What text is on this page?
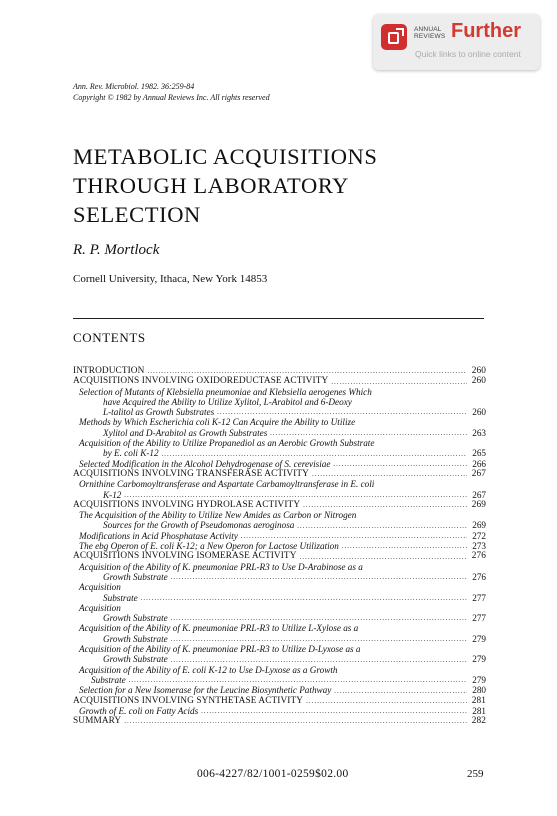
ANNUAL REVIEWS Further
Quick links to online content
Ann. Rev. Microbiol. 1982. 36:259-84
Copyright © 1982 by Annual Reviews Inc. All rights reserved
METABOLIC ACQUISITIONS
THROUGH LABORATORY
SELECTION
R. P. Mortlock
Cornell University, Ithaca, New York 14853
CONTENTS
INTRODUCTION .....	260
ACQUISITIONS INVOLVING OXIDOREDUCTASE ACTIVITY .....	260
Selection of Mutants of Klebsiella pneumoniae and Klebsiella aerogenes Which
have Acquired the Ability to Utilize Xylitol, L-Arabitol and 6-Deoxy
L-talitol as Growth Substrates .....	260
Methods by Which Escherichia coli K-12 Can Acquire the Ability to Utilize
Xylitol and D-Arabitol as Growth Substrates .....	263
Acquisition of the Ability to Utilize Propanediol as an Aerobic Growth Substrate
by E. coli K-12 .....	265
Selected Modification in the Alcohol Dehydrogenase of S. cerevisiae .....	266
ACQUISITIONS INVOLVING TRANSFERASE ACTIVITY .....	267
Ornithine Carbomoyltransferase and Aspartate Carbamoyltransferase in E. coli
K-12 .....	267
ACQUISITIONS INVOLVING HYDROLASE ACTIVITY .....	269
The Acquisition of the Ability to Utilize New Amides as Carbon or Nitrogen
Sources for the Growth of Pseudomonas aeroginosa .....	269
Modifications in Acid Phosphatase Activity .....	272
The ebg Operon of E. coli K-12; a New Operon for Lactose Utilization .....	273
ACQUISITIONS INVOLVING ISOMERASE ACTIVITY .....	276
Acquisition of the Ability of K. pneumoniae PRL-R3 to Use D-Arabinose as a
Growth Substrate .....	276
Acquisition
Substrate .....	277
Acquisition
Growth Substrate .....	277
Acquisition of the Ability of K. pneumoniae PRL-R3 to Utilize L-Xylose as a
Growth Substrate .....	279
Acquisition of the Ability of K. pneumoniae PRL-R3 to Utilize D-Lyxose as a
Growth Substrate .....	279
Acquisition of the Ability of E. coli K-12 to Use D-Lyxose as a Growth
Substrate .....	279
Selection for a New Isomerase for the Leucine Biosynthetic Pathway .....	280
ACQUISITIONS INVOLVING SYNTHETASE ACTIVITY .....	281
Growth of E. coli on Fatty Acids .....	281
SUMMARY .....	282
006-4227/82/1001-0259$02.00	259
